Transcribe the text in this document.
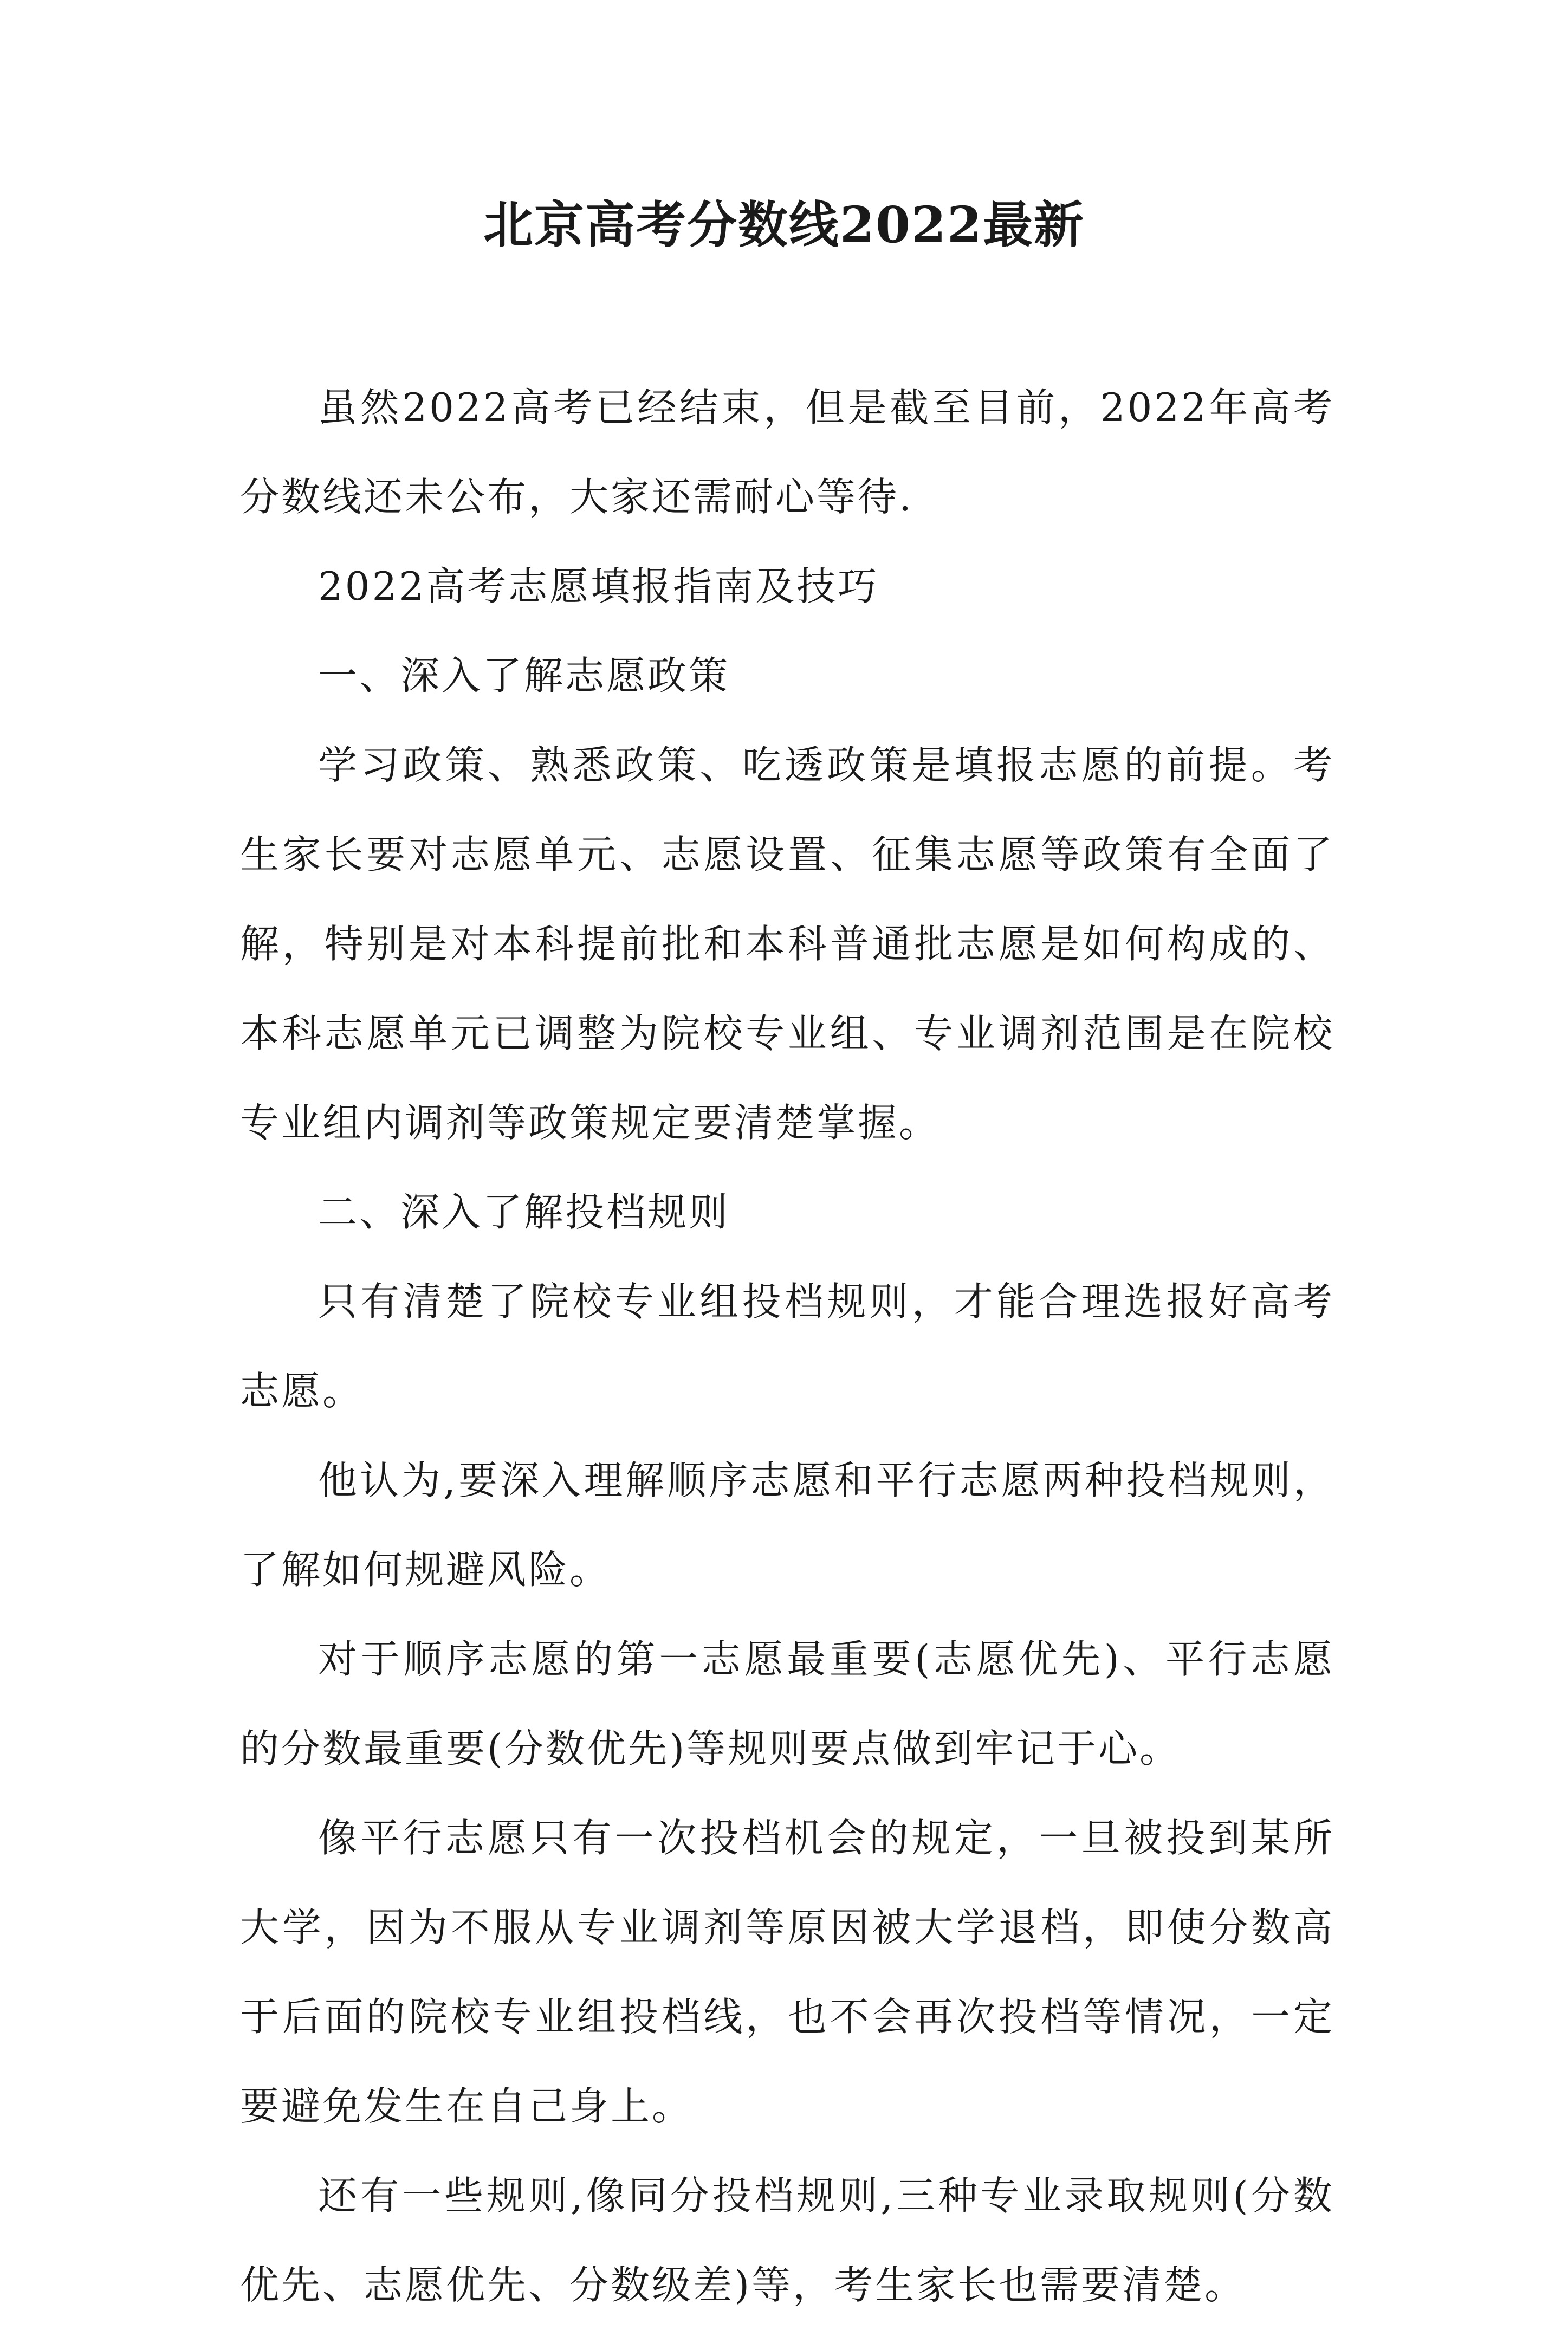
北京高考分数线2022最新

虽然2022高考已经结束，但是截至目前，2022年高考分数线还未公布，大家还需耐心等待.

2022高考志愿填报指南及技巧

一、深入了解志愿政策

学习政策、熟悉政策、吃透政策是填报志愿的前提。考生家长要对志愿单元、志愿设置、征集志愿等政策有全面了解，特别是对本科提前批和本科普通批志愿是如何构成的、本科志愿单元已调整为院校专业组、专业调剂范围是在院校专业组内调剂等政策规定要清楚掌握。

二、深入了解投档规则

只有清楚了院校专业组投档规则，才能合理选报好高考志愿。

他认为,要深入理解顺序志愿和平行志愿两种投档规则，了解如何规避风险。

对于顺序志愿的第一志愿最重要(志愿优先)、平行志愿的分数最重要(分数优先)等规则要点做到牢记于心。

像平行志愿只有一次投档机会的规定，一旦被投到某所大学，因为不服从专业调剂等原因被大学退档，即使分数高于后面的院校专业组投档线，也不会再次投档等情况，一定要避免发生在自己身上。

还有一些规则,像同分投档规则,三种专业录取规则(分数优先、志愿优先、分数级差)等，考生家长也需要清楚。
